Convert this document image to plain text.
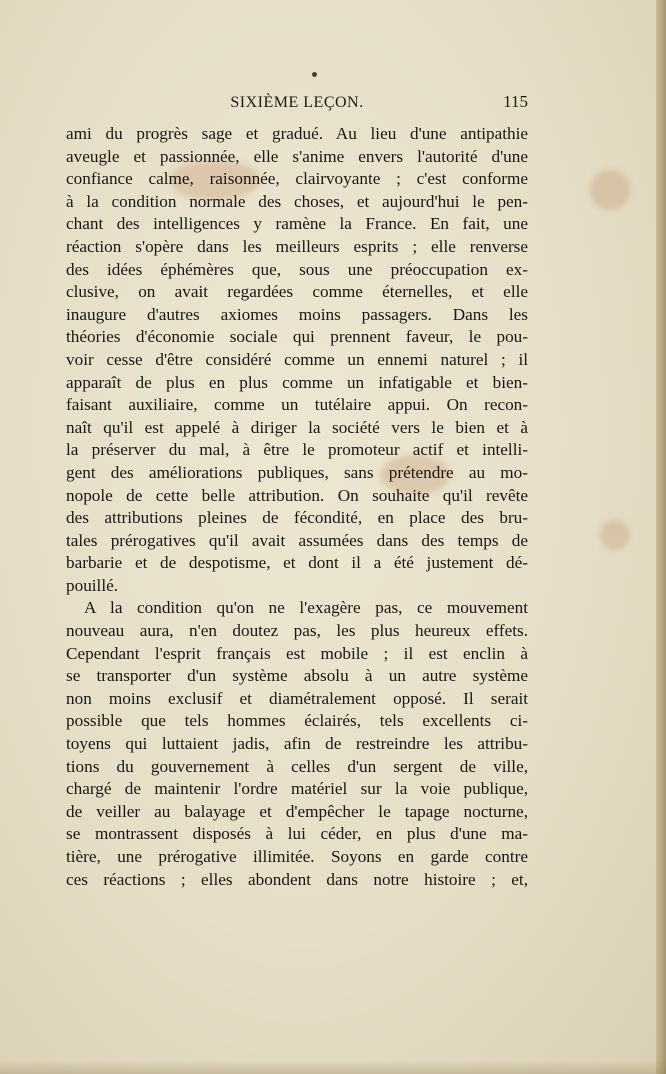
SIXIÈME LEÇON.	115
ami du progrès sage et gradué. Au lieu d'une antipathie
aveugle et passionnée, elle s'anime envers l'autorité d'une
confiance calme, raisonnée, clairvoyante ; c'est conforme
à la condition normale des choses, et aujourd'hui le pen-
chant des intelligences y ramène la France. En fait, une
réaction s'opère dans les meilleurs esprits ; elle renverse
des idées éphémères que, sous une préoccupation ex-
clusive, on avait regardées comme éternelles, et elle
inaugure d'autres axiomes moins passagers. Dans les
théories d'économie sociale qui prennent faveur, le pou-
voir cesse d'être considéré comme un ennemi naturel ; il
apparaît de plus en plus comme un infatigable et bien-
faisant auxiliaire, comme un tutélaire appui. On recon-
naît qu'il est appelé à diriger la société vers le bien et à
la préserver du mal, à être le promoteur actif et intelli-
gent des améliorations publiques, sans prétendre au mo-
nopole de cette belle attribution. On souhaite qu'il revête
des attributions pleines de fécondité, en place des bru-
tales prérogatives qu'il avait assumées dans des temps de
barbarie et de despotisme, et dont il a été justement dé-
pouillé.
A la condition qu'on ne l'exagère pas, ce mouvement
nouveau aura, n'en doutez pas, les plus heureux effets.
Cependant l'esprit français est mobile ; il est enclin à
se transporter d'un système absolu à un autre système
non moins exclusif et diamétralement opposé. Il serait
possible que tels hommes éclairés, tels excellents ci-
toyens qui luttaient jadis, afin de restreindre les attribu-
tions du gouvernement à celles d'un sergent de ville,
chargé de maintenir l'ordre matériel sur la voie publique,
de veiller au balayage et d'empêcher le tapage nocturne,
se montrassent disposés à lui céder, en plus d'une ma-
tière, une prérogative illimitée. Soyons en garde contre
ces réactions ; elles abondent dans notre histoire ; et,
